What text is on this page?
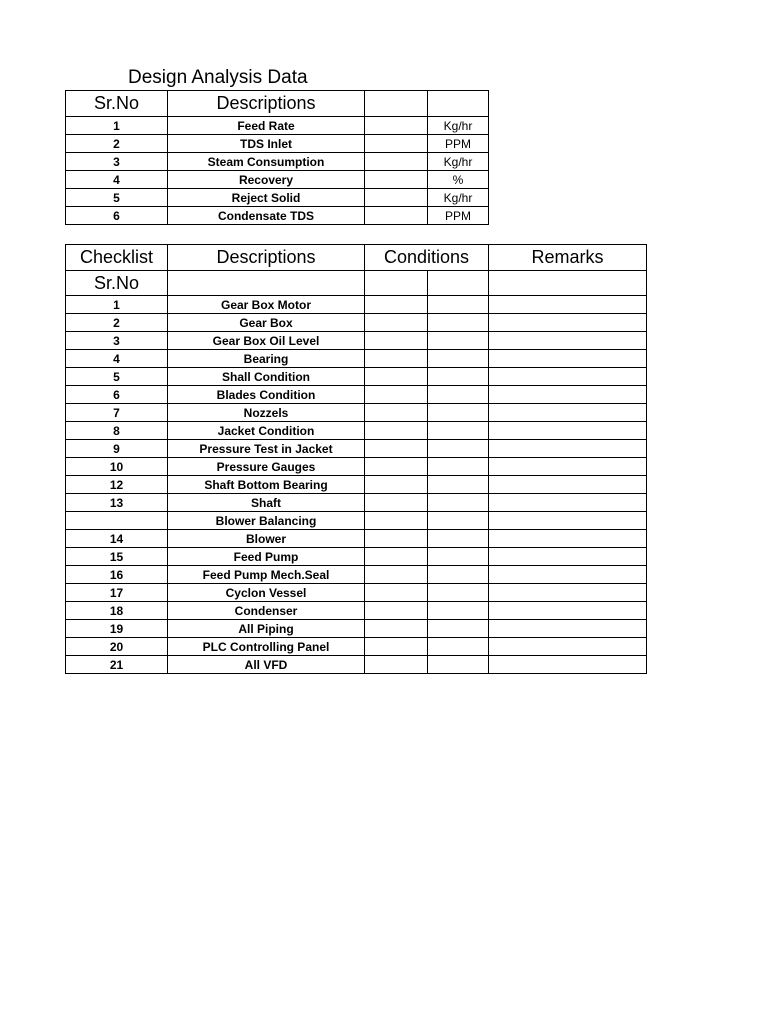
Design Analysis Data
Sr.No	Descriptions		
1	Feed Rate		Kg/hr
2	TDS Inlet		PPM
3	Steam Consumption		Kg/hr
4	Recovery		%
5	Reject Solid		Kg/hr
6	Condensate TDS		PPM
Checklist	Descriptions	Conditions		Remarks
Sr.No				
1	Gear Box Motor			
2	Gear Box			
3	Gear Box Oil Level			
4	Bearing			
5	Shall Condition			
6	Blades Condition			
7	Nozzels			
8	Jacket Condition			
9	Pressure Test in Jacket			
10	Pressure Gauges			
12	Shaft Bottom Bearing			
13	Shaft			
	Blower Balancing			
14	Blower			
15	Feed Pump			
16	Feed Pump Mech.Seal			
17	Cyclon Vessel			
18	Condenser			
19	All Piping			
20	PLC Controlling Panel			
21	All VFD			
